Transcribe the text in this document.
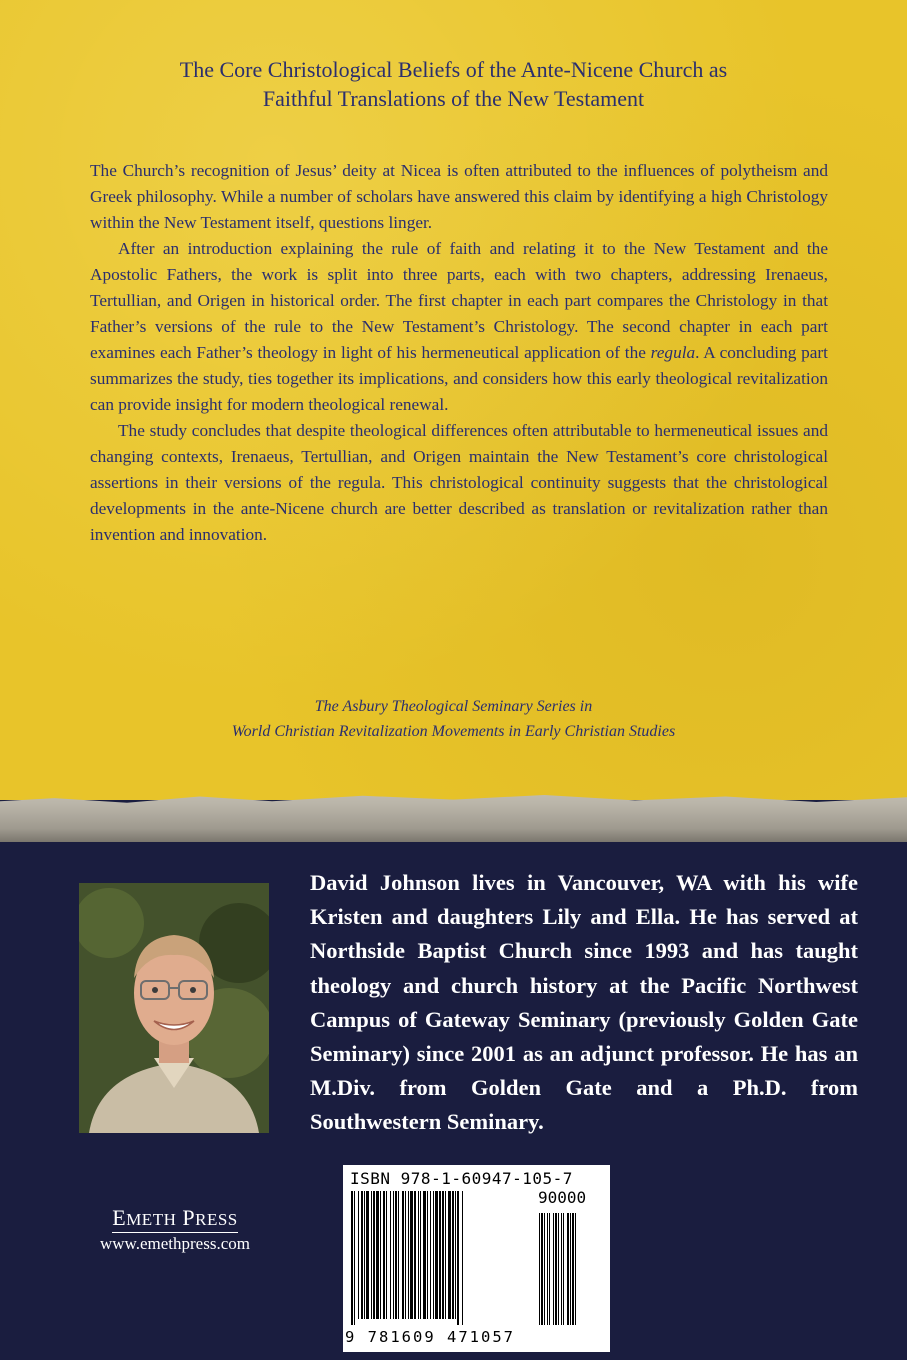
The Core Christological Beliefs of the Ante-Nicene Church as
Faithful Translations of the New Testament

The Church’s recognition of Jesus’ deity at Nicea is often attributed to the influences of polytheism and Greek philosophy. While a number of scholars have answered this claim by identifying a high Christology within the New Testament itself, questions linger.

After an introduction explaining the rule of faith and relating it to the New Testament and the Apostolic Fathers, the work is split into three parts, each with two chapters, addressing Irenaeus, Tertullian, and Origen in historical order. The first chapter in each part compares the Christology in that Father’s versions of the rule to the New Testament’s Christology. The second chapter in each part examines each Father’s theology in light of his hermeneutical application of the regula. A concluding part summarizes the study, ties together its implications, and considers how this early theological revitalization can provide insight for modern theological renewal.

The study concludes that despite theological differences often attributable to hermeneutical issues and changing contexts, Irenaeus, Tertullian, and Origen maintain the New Testament’s core christological assertions in their versions of the regula. This christological continuity suggests that the christological developments in the ante-Nicene church are better described as translation or revitalization rather than invention and innovation.

The Asbury Theological Seminary Series in
World Christian Revitalization Movements in Early Christian Studies
David Johnson lives in Vancouver, WA with his wife Kristen and daughters Lily and Ella. He has served at Northside Baptist Church since 1993 and has taught theology and church history at the Pacific Northwest Campus of Gateway Seminary (previously Golden Gate Seminary) since 2001 as an adjunct professor. He has an M.Div. from Golden Gate and a Ph.D. from Southwestern Seminary.
EMETH PRESS
www.emethpress.com
ISBN 978-1-60947-105-7
90000
9 781609 471057
